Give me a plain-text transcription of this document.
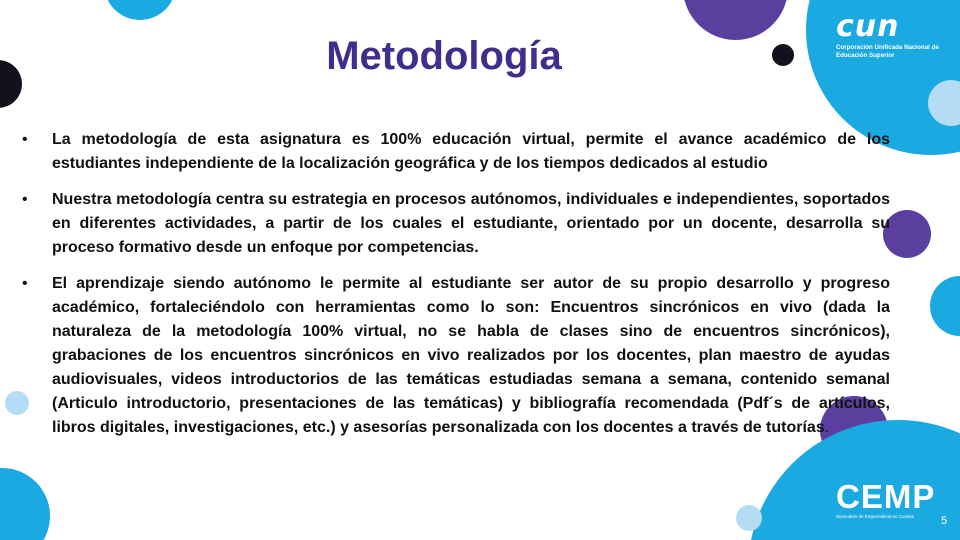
cun
Corporación Unificada Nacional de Educación Superior
Metodología
•	La metodología de esta asignatura es 100% educación virtual, permite el avance académico de los estudiantes independiente de la localización geográfica y de los tiempos dedicados al estudio
•	Nuestra metodología centra su estrategia en procesos autónomos, individuales e independientes, soportados en diferentes actividades, a partir de los cuales el estudiante, orientado por un docente, desarrolla su proceso formativo desde un enfoque por competencias.
•	El aprendizaje siendo autónomo le permite al estudiante ser autor de su propio desarrollo y progreso académico, fortaleciéndolo con herramientas como lo son: Encuentros sincrónicos en vivo (dada la naturaleza de la metodología 100% virtual, no se habla de clases sino de encuentros sincrónicos), grabaciones de los encuentros sincrónicos en vivo realizados por los docentes, plan maestro de ayudas audiovisuales, videos introductorios de las temáticas estudiadas semana a semana, contenido semanal (Articulo introductorio, presentaciones de las temáticas) y bibliografía recomendada (Pdf´s de artículos, libros digitales, investigaciones, etc.) y asesorías personalizada con los docentes a través de tutorías.
CEMP
Biomodelo de Emprendimiento Cunista	5
